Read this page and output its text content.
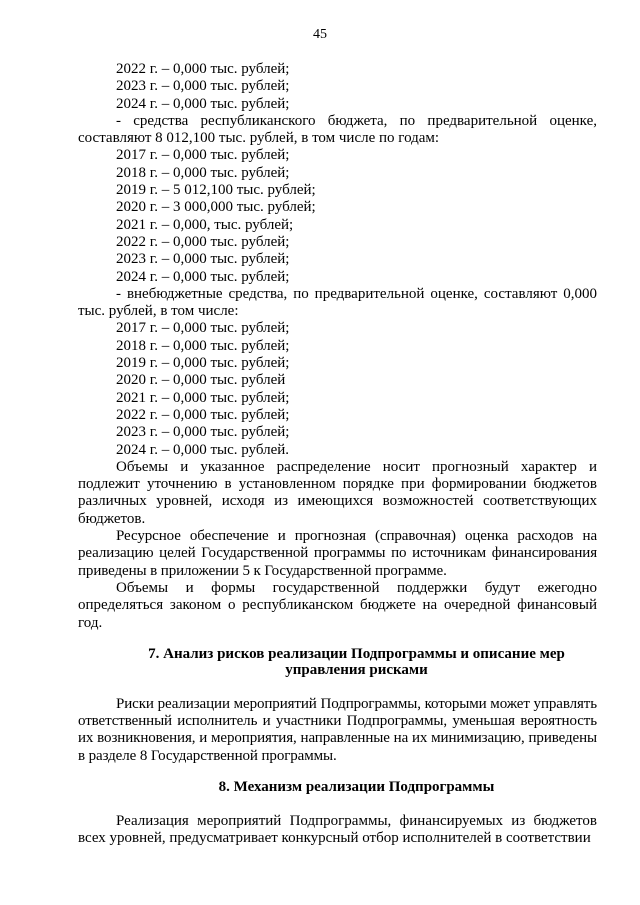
45

2022 г. – 0,000 тыс. рублей;

2023 г. – 0,000 тыс. рублей;

2024 г. – 0,000 тыс. рублей;

- средства республиканского бюджета, по предварительной оценке, составляют 8 012,100 тыс. рублей, в том числе по годам:

2017 г. – 0,000 тыс. рублей;

2018 г. – 0,000 тыс. рублей;

2019 г. – 5 012,100 тыс. рублей;

2020 г. – 3 000,000 тыс. рублей;

2021 г. – 0,000, тыс. рублей;

2022 г. – 0,000 тыс. рублей;

2023 г. – 0,000 тыс. рублей;

2024 г. – 0,000 тыс. рублей;

- внебюджетные средства, по предварительной оценке, составляют 0,000 тыс. рублей, в том числе:

2017 г. – 0,000 тыс. рублей;

2018 г. – 0,000 тыс. рублей;

2019 г. – 0,000 тыс. рублей;

2020 г. – 0,000 тыс. рублей

2021 г. – 0,000 тыс. рублей;

2022 г. – 0,000 тыс. рублей;

2023 г. – 0,000 тыс. рублей;

2024 г. – 0,000 тыс. рублей.

Объемы и указанное распределение носит прогнозный характер и подлежит уточнению в установленном порядке при формировании бюджетов различных уровней, исходя из имеющихся возможностей соответствующих бюджетов.

Ресурсное обеспечение и прогнозная (справочная) оценка расходов на реализацию целей Государственной программы по источникам финансирования приведены в приложении 5 к Государственной программе.

Объемы и формы государственной поддержки будут ежегодно определяться законом о республиканском бюджете на очередной финансовый год.

7. Анализ рисков реализации Подпрограммы и описание мер управления рисками

Риски реализации мероприятий Подпрограммы, которыми может управлять ответственный исполнитель и участники Подпрограммы, уменьшая вероятность их возникновения, и мероприятия, направленные на их минимизацию, приведены в разделе 8 Государственной программы.

8. Механизм реализации Подпрограммы

Реализация мероприятий Подпрограммы, финансируемых из бюджетов всех уровней, предусматривает конкурсный отбор исполнителей в соответствии
